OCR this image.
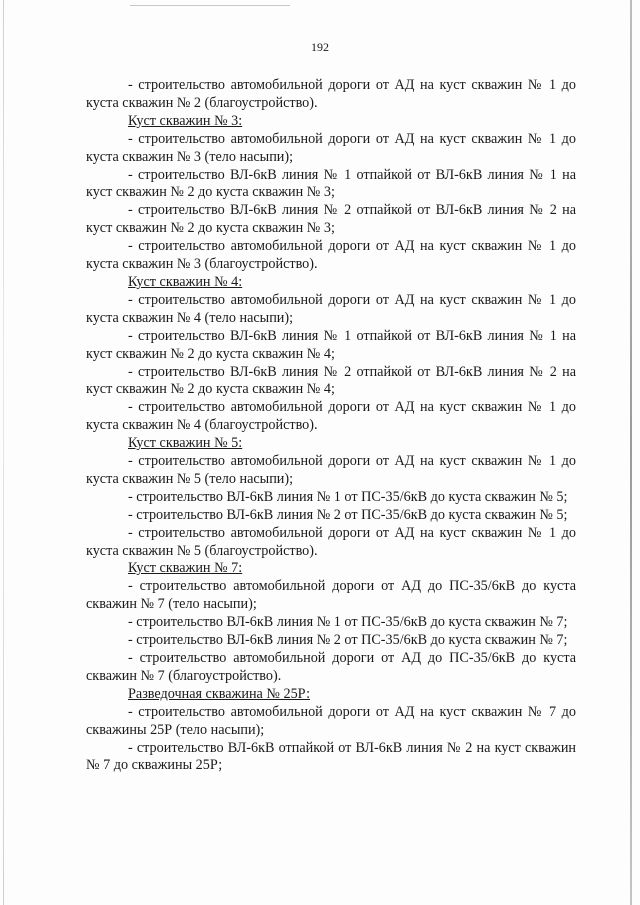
192

- строительство автомобильной дороги от АД на куст скважин № 1 до куста скважин № 2 (благоустройство).

Куст скважин № 3:

- строительство автомобильной дороги от АД на куст скважин № 1 до куста скважин № 3 (тело насыпи);

- строительство ВЛ-6кВ линия № 1 отпайкой от ВЛ-6кВ линия № 1 на куст скважин № 2 до куста скважин № 3;

- строительство ВЛ-6кВ линия № 2 отпайкой от ВЛ-6кВ линия № 2 на куст скважин № 2 до куста скважин № 3;

- строительство автомобильной дороги от АД на куст скважин № 1 до куста скважин № 3 (благоустройство).

Куст скважин № 4:

- строительство автомобильной дороги от АД на куст скважин № 1 до куста скважин № 4 (тело насыпи);

- строительство ВЛ-6кВ линия № 1 отпайкой от ВЛ-6кВ линия № 1 на куст скважин № 2 до куста скважин № 4;

- строительство ВЛ-6кВ линия № 2 отпайкой от ВЛ-6кВ линия № 2 на куст скважин № 2 до куста скважин № 4;

- строительство автомобильной дороги от АД на куст скважин № 1 до куста скважин № 4 (благоустройство).

Куст скважин № 5:

- строительство автомобильной дороги от АД на куст скважин № 1 до куста скважин № 5 (тело насыпи);

- строительство ВЛ-6кВ линия № 1 от ПС-35/6кВ до куста скважин № 5;

- строительство ВЛ-6кВ линия № 2 от ПС-35/6кВ до куста скважин № 5;

- строительство автомобильной дороги от АД на куст скважин № 1 до куста скважин № 5 (благоустройство).

Куст скважин № 7:

- строительство автомобильной дороги от АД до ПС-35/6кВ до куста скважин № 7 (тело насыпи);

- строительство ВЛ-6кВ линия № 1 от ПС-35/6кВ до куста скважин № 7;

- строительство ВЛ-6кВ линия № 2 от ПС-35/6кВ до куста скважин № 7;

- строительство автомобильной дороги от АД до ПС-35/6кВ до куста скважин № 7 (благоустройство).

Разведочная скважина № 25Р:

- строительство автомобильной дороги от АД на куст скважин № 7 до скважины 25Р (тело насыпи);

- строительство ВЛ-6кВ отпайкой от ВЛ-6кВ линия № 2 на куст скважин № 7 до скважины 25Р;
